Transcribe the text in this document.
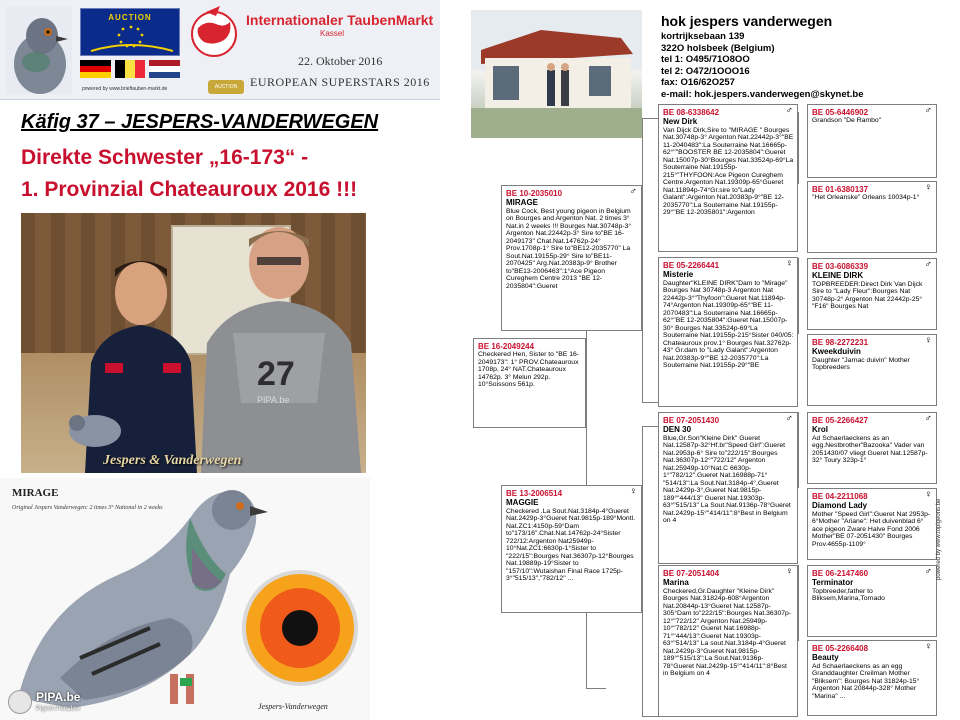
AUCTION
powered by www.brieftauben-markt.de
Internationaler TaubenMarkt
Kassel
22. Oktober 2016
AUCTION	EUROPEAN SUPERSTARS 2016
Käfig 37 – JESPERS-VANDERWEGEN
Direkte Schwester „16-173“ -
1. Provinzial Chateauroux 2016 !!!
27
PIPA.be
Jespers & Vanderwegen
MIRAGE
Original Jespers Vanderwegen: 2 times 3° National in 2 weeks
Jespers-Vanderwegen
PIPA.be
Pigeon Paradise
hok jespers vanderwegen
kortrijksebaan 139
322O holsbeek (Belgium)
tel 1: O495/71O8OO
tel 2: O472/1OOO16
fax: O16/62O257
e-mail: hok.jespers.vanderwegen@skynet.be
BE 16-2049244
Checkered Hen, Sister to "BE 16-2049173": 1° PROV.Chateauroux 1708p. 24° NAT.Chateauroux 14762p. 3° Melun 292p. 10°Soissons 561p.
♂
BE 10-2035010
MIRAGE
Blue Cock, Best young pigeon in Belgium on Bourges and Argenton Nat. 2 times 3° Nat.in 2 weeks !!! Bourges Nat.30748p-3° Argenton Nat.22442p-3° Sire to"BE 16-2049173" Chat.Nat.14762p-24° Prov.1708p-1° Sire to"BE12-2035770" La Sout.Nat.19155p-29° Sire to"BE11-2070425" Arg.Nat.20383p-9° Brother to"BE13-2006463":1°Ace Pigeon Cureghem Centre 2013 "BE 12-2035804":Gueret
♀
BE 13-2006514
MAGGIE
Checkered .La Sout.Nat.3184p-4°Gueret Nat.2429p-3°Gueret Nat.9815p-189°Montl. Nat.ZC1:4150p-59°Dam to"173/16".Chat.Nat.14762p-24°Sister 722/12:Argenton Nat25949p-10°Nat.ZC1:6630p-1°Sister to "222/15":Bourges Nat.36307p-12°Bourges Nat.19889p-19°Sister to "157/10":Wutaishan Final Race 1725p-3°"515/13","782/12" ...
♂
BE 08-6338642
New Dirk
Van Dijck Dirk,Sire to "MIRAGE " Bourges Nat.30748p-3° Argenton Nat.22442p-3°"BE 11-2040483":La Souterraine Nat.16665p-62°""BOOSTER BE 12-2035804":Gueret Nat.15007p-30°Bourges Nat.33524p-69°La Souterraine Nat.19155p-215°"THYFOON:Ace Pigeon Cureghem Centre.Argenton Nat.19309p-65°Gueret Nat.11894p-74°Gr.sire to"Lady Galant":Argenton Nat.20383p-9°"BE 12-2035770":La Souterraine Nat.19155p-29°"BE 12-2035801":Argenton
♀
BE 05-2266441
Misterie
Daughter"KLEINE DIRK"Dam to "Mirage" Bourges Nat 30748p-3 Argenton Nat 22442p-3°"Thyfoon":Gueret Nat.11894p-74°Argenton Nat.19309p-65°"BE 11-2070483":La Souterraine Nat.16665p-62°"BE 12-2035804":Gueret Nat.15007p-30° Bourges Nat.33524p-69°La Souterraine Nat.19155p-215°Sister 040/05: Chateauroux prov.1° Bourges Nat.32762p-43° Gr.dam to "Lady Galant":Argenton Nat.20383p-9°"BE 12-2035770":La Souterraine Nat.19155p-29°"BE
♂
BE 07-2051430
DEN 30
Blue,Gr.Son"Kleine Dirk" Gueret Nat.12587p-32°Hf.br"Speed Girl":Gueret Nat.2953p-6° Sire to"222/15":Bourges Nat.36307p-12°"722/12" Argenton Nat.25949p-10°Nat.C 6630p-1°"782/12".Gueret Nat.16988p-71° "514/13":La Sout.Nat.3184p-4°,Gueret Nat.2429p-3°,Gueret Nat.9815p-189°"444/13" Gueret Nat.19303p-63°"515/13" La Sout.Nat.9136p-78°Gueret Nat.2429p-15°"414/11":8°Best in Belgium on 4
♀
BE 07-2051404
Marina
Checkered,Gr.Daughter "Kleine Dirk" Bourges Nat.31824p-608°Argenton Nat.20844p-13°Gueret Nat.12587p-305°Dam to"222/15":Bourges Nat.36307p-12°"722/12" Argenton Nat.25949p-10°"782/12" Gueret Nat.16988p-71°"444/13":Gueret Nat.19303p-63°"514/13" La sout.Nat.3184p-4°Gueret Nat.2429p-3°Gueret Nat.9815p-189°"515/13":La Sout.Nat.9136p-78°Gueret Nat.2429p-15°"414/11":8°Best in Belgium on 4
♂
BE 05-6446902
Grandson "De Rambo"
♀
BE 01-6380137
"Het Orleanske" Orleans 10034p-1°
♂
BE 03-6086339
KLEINE DIRK
TOPBREEDER:Direct Dirk Van Dijck Sire to "Lady Fleur":Bourges Nat 30748p-2° Argenton Nat 22442p-25° "F16" Bourges Nat
♀
BE 98-2272231
Kweekduivin
Daughter "Jarnac duivin" Mother Topbreeders
♂
BE 05-2266427
Krol
Ad Schaerlaeckens as an egg.Nestbrother"Bazooka" Vader van 2051430/07 vliegt Gueret Nat.12587p-32° Toury 323p-1°
♀
BE 04-2211068
Diamond Lady
Mother "Speed Girl":Gueret Nat 2953p-6°Mother "Ariane": Het duivenblad 6° ace pigeon Zware Halve Fond 2006 Mother"BE 07-2051430" Bourges Prov.4655p-1109°
♂
BE 06-2147460
Terminator
Topbreeder,father to Bliksem,Marina,Tornado
♀
BE 05-2266408
Beauty
Ad Schaerlaeckens as an egg Granddaughter Creilman Mother "Bliksem": Bourges Nat 31824p-15° Argenton Nat 20844p-328° Mother "Marina" ...
powered by www.topigeons.be
